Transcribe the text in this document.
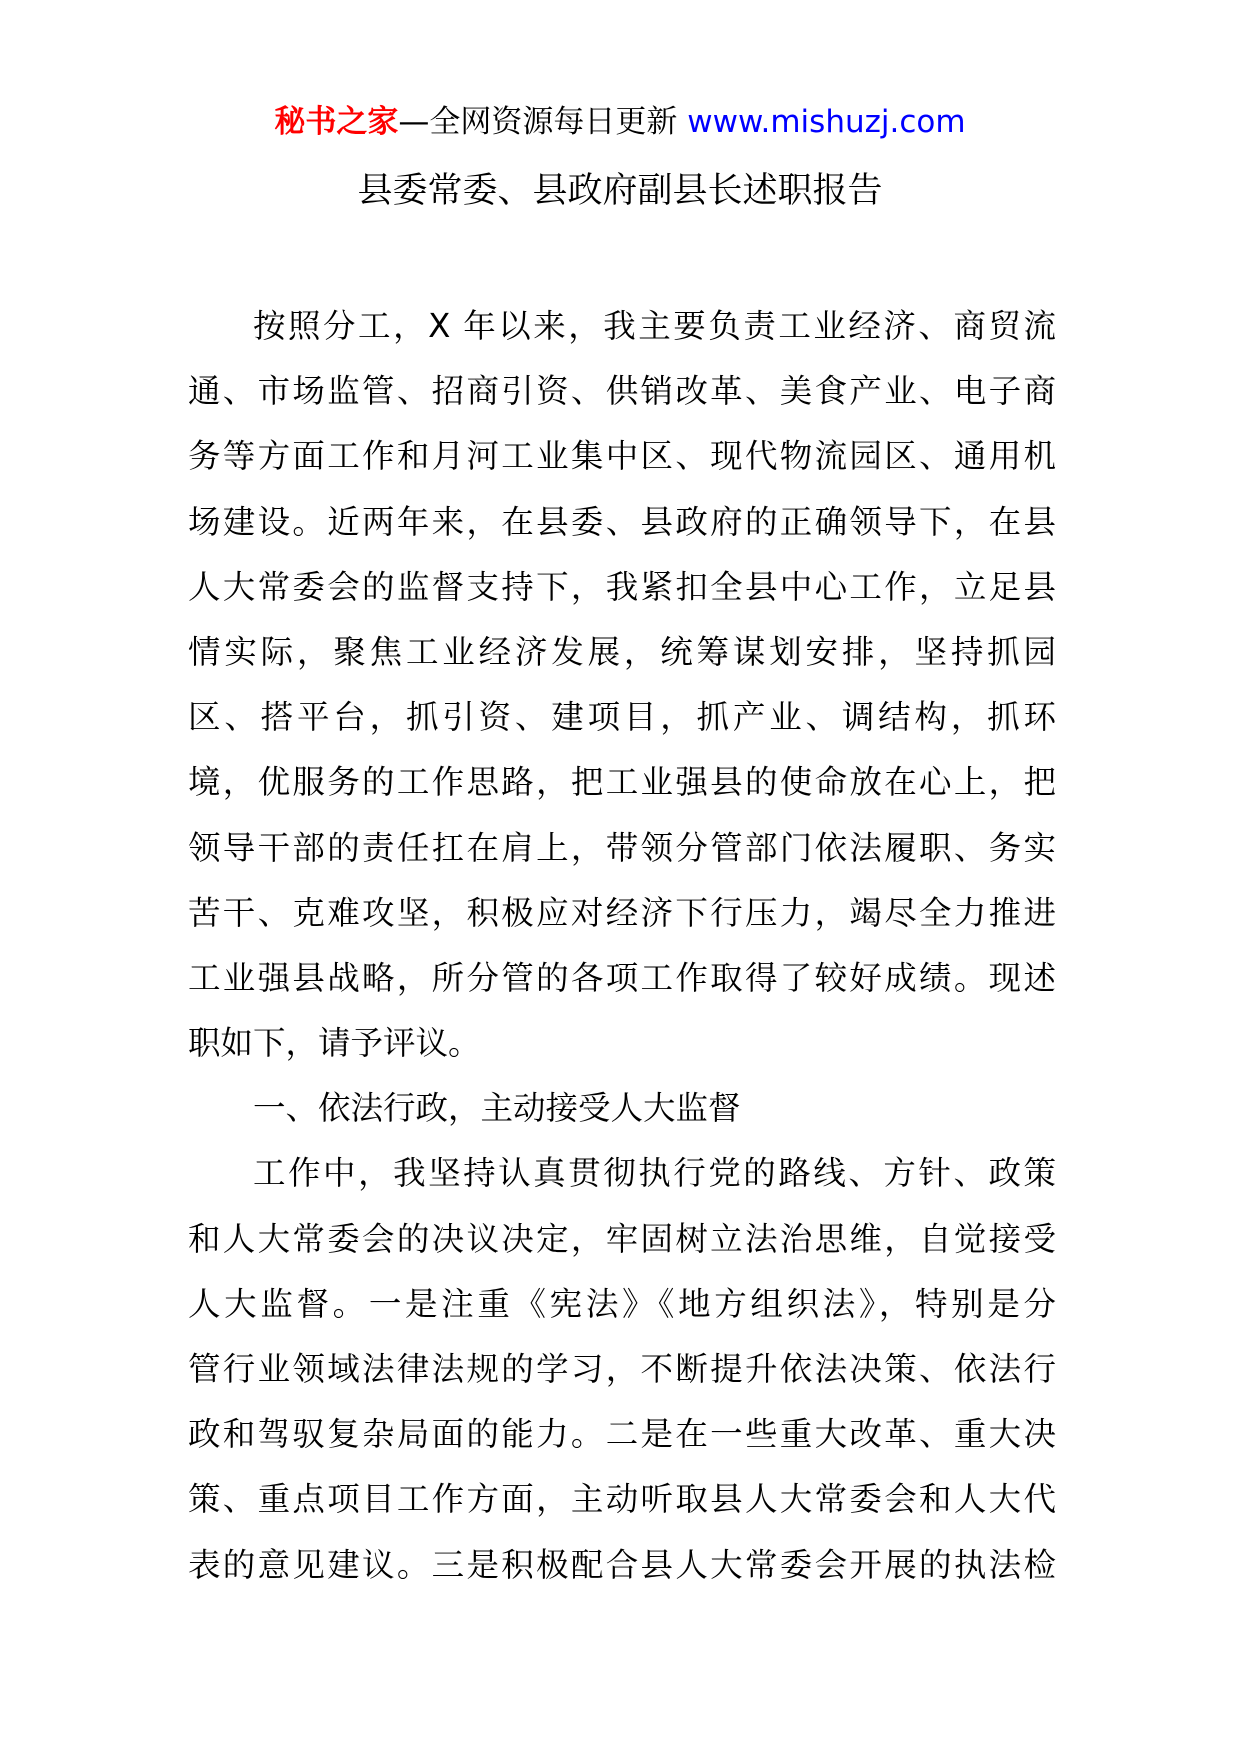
秘书之家—全网资源每日更新 www.mishuzj.com
县委常委、县政府副县长述职报告
按照分工，X 年以来，我主要负责工业经济、商贸流
通、市场监管、招商引资、供销改革、美食产业、电子商
务等方面工作和月河工业集中区、现代物流园区、通用机
场建设。近两年来，在县委、县政府的正确领导下，在县
人大常委会的监督支持下，我紧扣全县中心工作，立足县
情实际，聚焦工业经济发展，统筹谋划安排，坚持抓园
区、搭平台，抓引资、建项目，抓产业、调结构，抓环
境，优服务的工作思路，把工业强县的使命放在心上，把
领导干部的责任扛在肩上，带领分管部门依法履职、务实
苦干、克难攻坚，积极应对经济下行压力，竭尽全力推进
工业强县战略，所分管的各项工作取得了较好成绩。现述
职如下，请予评议。
一、依法行政，主动接受人大监督
工作中，我坚持认真贯彻执行党的路线、方针、政策
和人大常委会的决议决定，牢固树立法治思维，自觉接受
人大监督。一是注重《宪法》《地方组织法》，特别是分
管行业领域法律法规的学习，不断提升依法决策、依法行
政和驾驭复杂局面的能力。二是在一些重大改革、重大决
策、重点项目工作方面，主动听取县人大常委会和人大代
表的意见建议。三是积极配合县人大常委会开展的执法检
